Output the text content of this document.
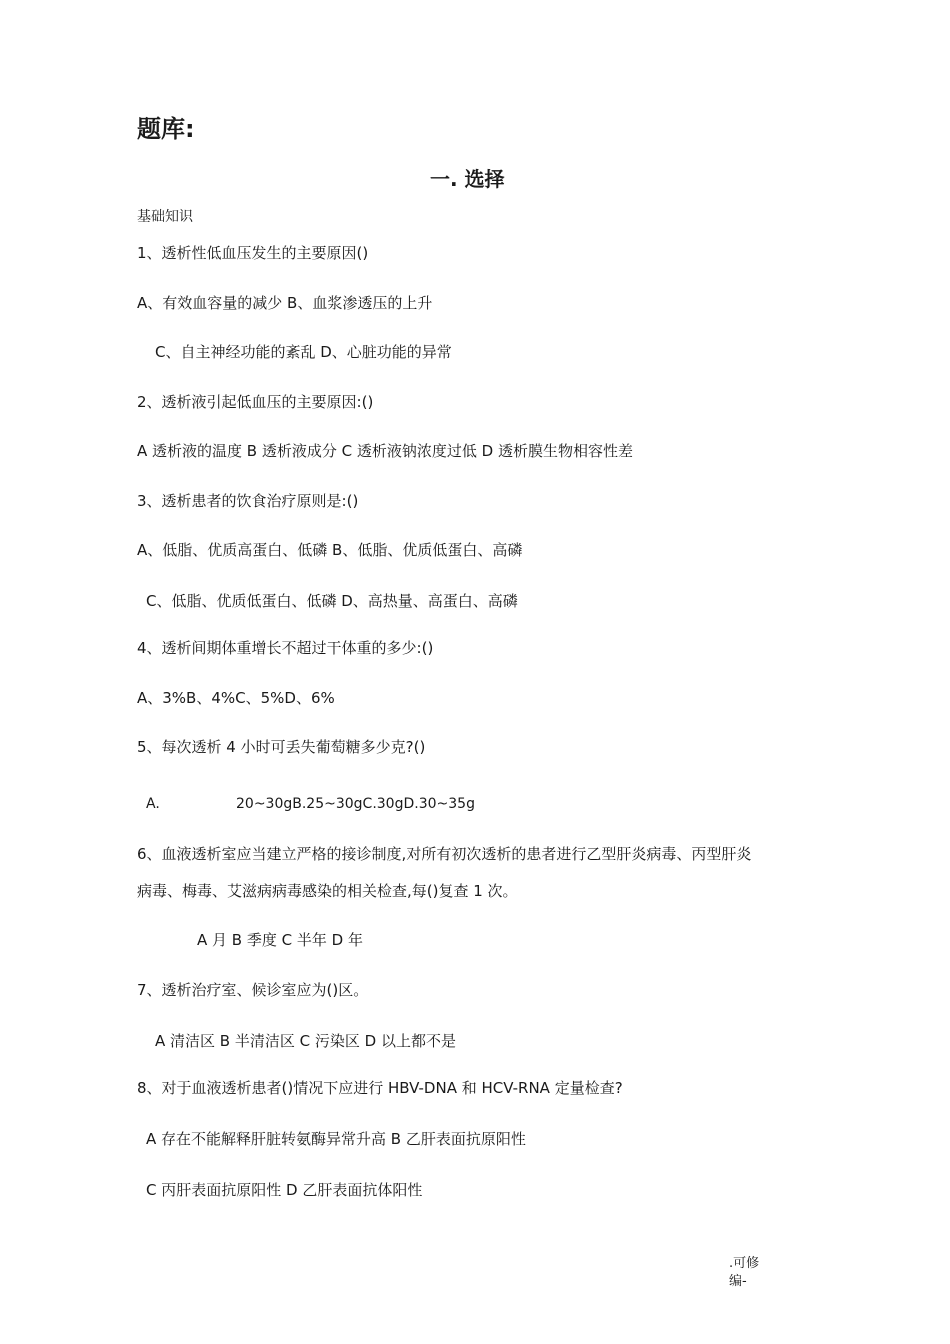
题库:
一. 选择
基础知识
1、透析性低血压发生的主要原因()
A、有效血容量的减少 B、血浆渗透压的上升
C、自主神经功能的紊乱 D、心脏功能的异常
2、透析液引起低血压的主要原因:()
A 透析液的温度 B 透析液成分 C 透析液钠浓度过低 D 透析膜生物相容性差
3、透析患者的饮食治疗原则是:()
A、低脂、优质高蛋白、低磷 B、低脂、优质低蛋白、高磷
C、低脂、优质低蛋白、低磷 D、高热量、高蛋白、高磷
4、透析间期体重增长不超过干体重的多少:()
A、3%B、4%C、5%D、6%
5、每次透析 4 小时可丢失葡萄糖多少克?()
A.	20~30gB.25~30gC.30gD.30~35g
6、血液透析室应当建立严格的接诊制度,对所有初次透析的患者进行乙型肝炎病毒、丙型肝炎
病毒、梅毒、艾滋病病毒感染的相关检查,每()复查 1 次。
A 月 B 季度 C 半年 D 年
7、透析治疗室、候诊室应为()区。
A 清洁区 B 半清洁区 C 污染区 D 以上都不是
8、对于血液透析患者()情况下应进行 HBV-DNA 和 HCV-RNA 定量检查?
A 存在不能解释肝脏转氨酶异常升高 B 乙肝表面抗原阳性
C 丙肝表面抗原阳性 D 乙肝表面抗体阳性
.可修
编-
